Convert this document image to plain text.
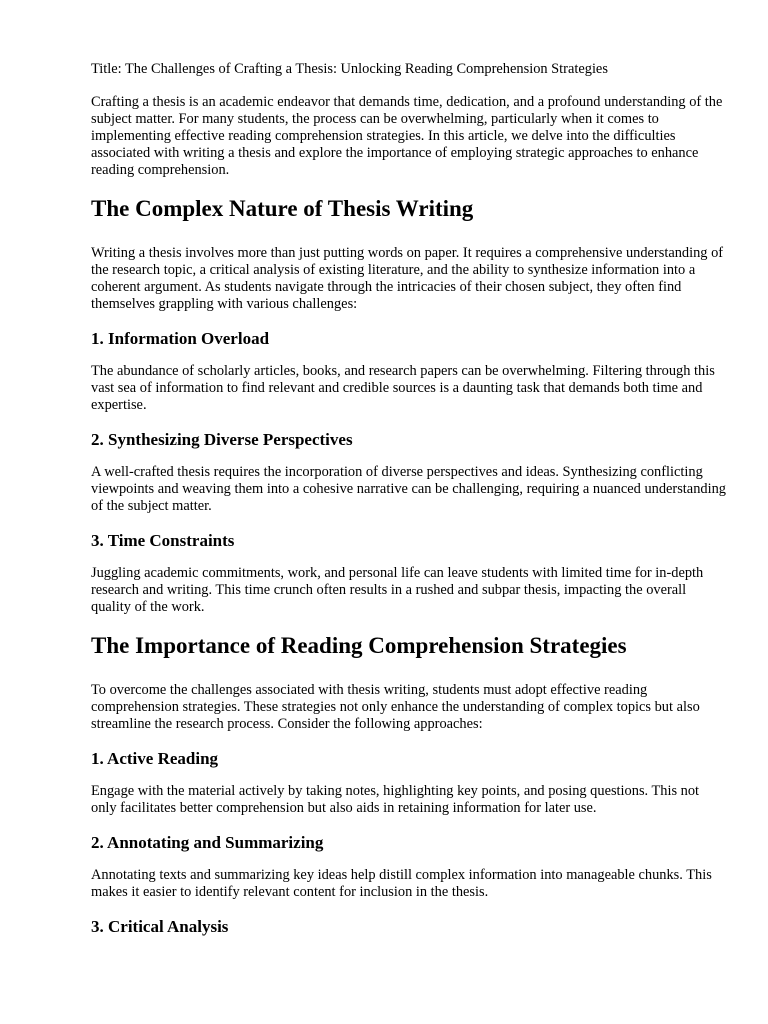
Title: The Challenges of Crafting a Thesis: Unlocking Reading Comprehension Strategies

Crafting a thesis is an academic endeavor that demands time, dedication, and a profound understanding of the subject matter. For many students, the process can be overwhelming, particularly when it comes to implementing effective reading comprehension strategies. In this article, we delve into the difficulties associated with writing a thesis and explore the importance of employing strategic approaches to enhance reading comprehension.

The Complex Nature of Thesis Writing

Writing a thesis involves more than just putting words on paper. It requires a comprehensive understanding of the research topic, a critical analysis of existing literature, and the ability to synthesize information into a coherent argument. As students navigate through the intricacies of their chosen subject, they often find themselves grappling with various challenges:

1. Information Overload

The abundance of scholarly articles, books, and research papers can be overwhelming. Filtering through this vast sea of information to find relevant and credible sources is a daunting task that demands both time and expertise.

2. Synthesizing Diverse Perspectives

A well-crafted thesis requires the incorporation of diverse perspectives and ideas. Synthesizing conflicting viewpoints and weaving them into a cohesive narrative can be challenging, requiring a nuanced understanding of the subject matter.

3. Time Constraints

Juggling academic commitments, work, and personal life can leave students with limited time for in-depth research and writing. This time crunch often results in a rushed and subpar thesis, impacting the overall quality of the work.

The Importance of Reading Comprehension Strategies

To overcome the challenges associated with thesis writing, students must adopt effective reading comprehension strategies. These strategies not only enhance the understanding of complex topics but also streamline the research process. Consider the following approaches:

1. Active Reading

Engage with the material actively by taking notes, highlighting key points, and posing questions. This not only facilitates better comprehension but also aids in retaining information for later use.

2. Annotating and Summarizing

Annotating texts and summarizing key ideas help distill complex information into manageable chunks. This makes it easier to identify relevant content for inclusion in the thesis.

3. Critical Analysis
